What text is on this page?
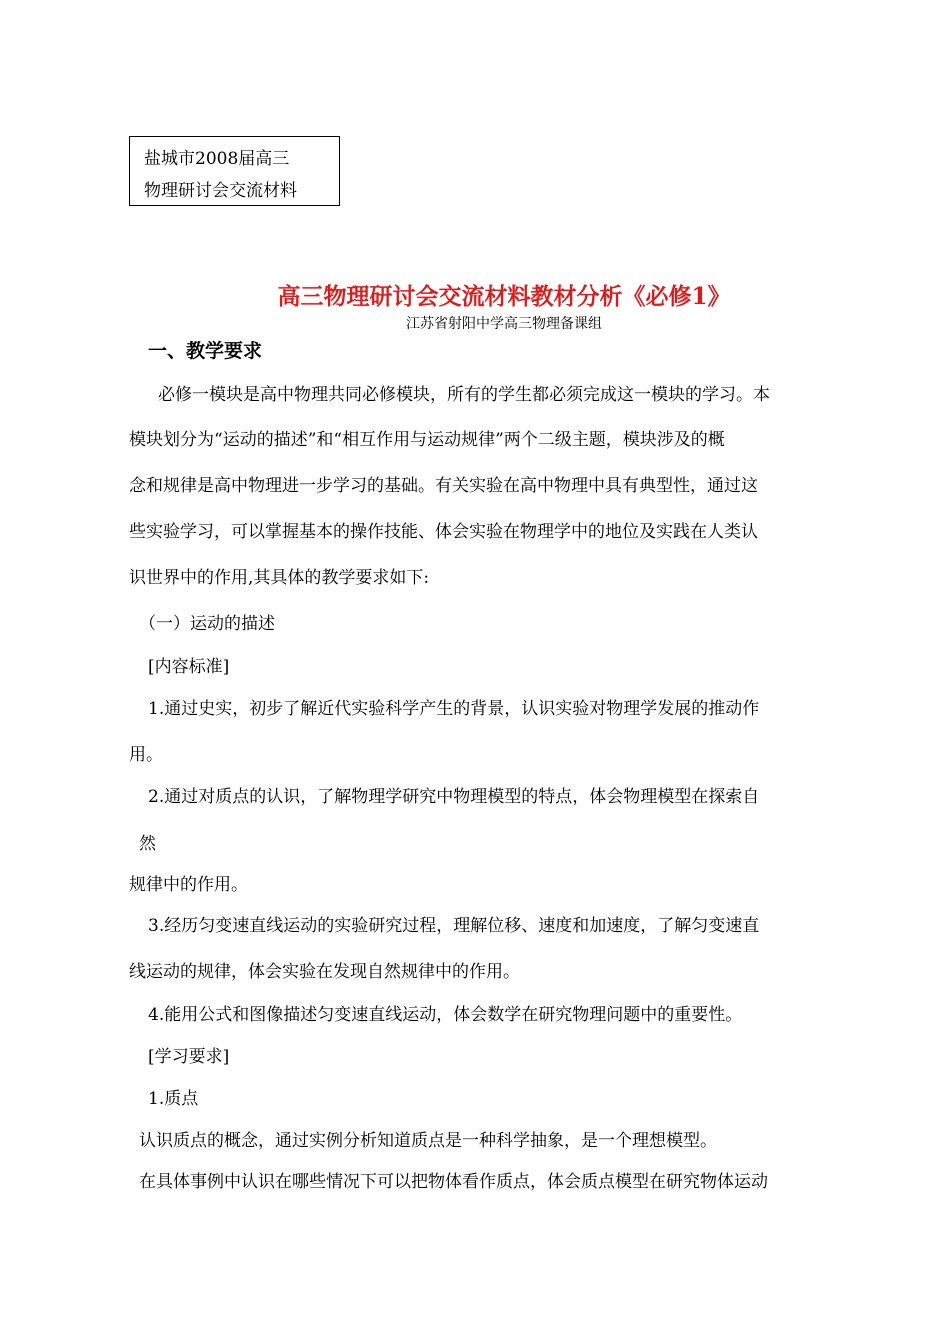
盐城市2008届高三
物理研讨会交流材料
高三物理研讨会交流材料教材分析《必修1》
江苏省射阳中学高三物理备课组
一、教学要求
必修一模块是高中物理共同必修模块，所有的学生都必须完成这一模块的学习。本
模块划分为“运动的描述”和“相互作用与运动规律”两个二级主题，模块涉及的概
念和规律是高中物理进一步学习的基础。有关实验在高中物理中具有典型性，通过这
些实验学习，可以掌握基本的操作技能、体会实验在物理学中的地位及实践在人类认
识世界中的作用,其具体的教学要求如下:
（一）运动的描述
[内容标准]
1.通过史实，初步了解近代实验科学产生的背景，认识实验对物理学发展的推动作
用。
2.通过对质点的认识，了解物理学研究中物理模型的特点，体会物理模型在探索自
然
规律中的作用。
3.经历匀变速直线运动的实验研究过程，理解位移、速度和加速度，了解匀变速直
线运动的规律，体会实验在发现自然规律中的作用。
4.能用公式和图像描述匀变速直线运动，体会数学在研究物理问题中的重要性。
[学习要求]
1.质点
认识质点的概念，通过实例分析知道质点是一种科学抽象，是一个理想模型。
在具体事例中认识在哪些情况下可以把物体看作质点，体会质点模型在研究物体运动
